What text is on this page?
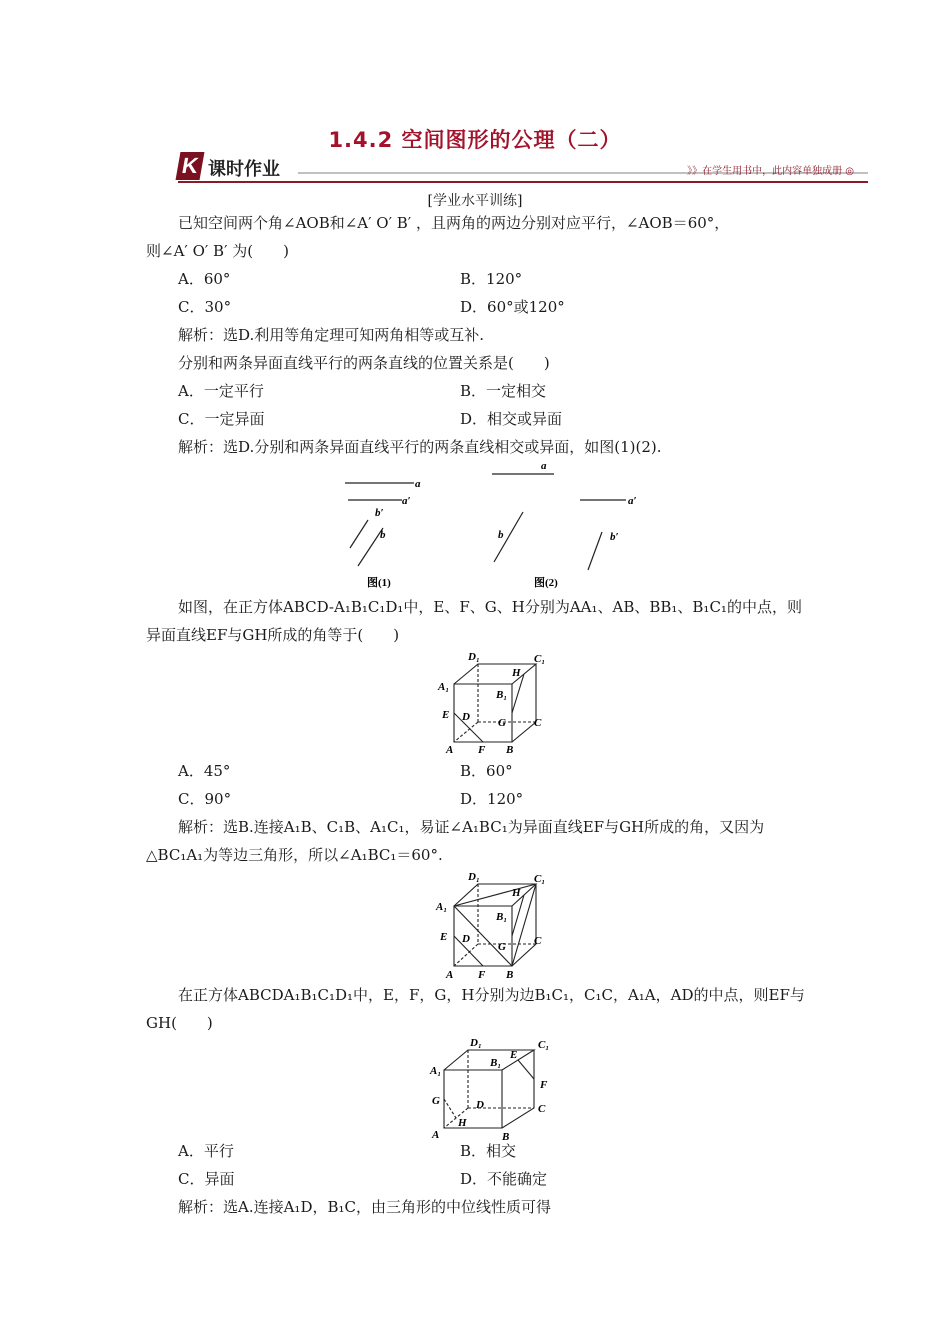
1.4.2 空间图形的公理（二）
K 课时作业	》》在学生用书中，此内容单独成册 ◎
[学业水平训练]
已知空间两个角∠AOB和∠A′ O′ B′ ，且两角的两边分别对应平行，∠AOB＝60°，
则∠A′ O′ B′ 为(　　)
A．60°	B．120°
C．30°	D．60°或120°
解析：选D.利用等角定理可知两角相等或互补.
分别和两条异面直线平行的两条直线的位置关系是(　　)
A．一定平行	B．一定相交
C．一定异面	D．相交或异面
解析：选D.分别和两条异面直线平行的两条直线相交或异面，如图(1)(2).
a
a′
b′
b
图(1)
a
a′
b	b′
图(2)
如图，在正方体ABCD-A₁B₁C₁D₁中，E、F、G、H分别为AA₁、AB、BB₁、B₁C₁的中点，则
异面直线EF与GH所成的角等于(　　)
D₁	C₁
H
A₁
B₁
E D	G	C
A F B
A．45°	B．60°
C．90°	D．120°
解析：选B.连接A₁B、C₁B、A₁C₁，易证∠A₁BC₁为异面直线EF与GH所成的角，又因为
△BC₁A₁为等边三角形，所以∠A₁BC₁＝60°.
D₁	C₁
H
A₁
B₁
E D
G	C
A F B
在正方体ABCDA₁B₁C₁D₁中，E，F，G，H分别为边B₁C₁，C₁C，A₁A，AD的中点，则EF与
GH(　　)
D₁	C₁
E
A₁
B₁
F
G	D	C
H
A	B
A．平行	B．相交
C．异面	D．不能确定
解析：选A.连接A₁D，B₁C，由三角形的中位线性质可得
